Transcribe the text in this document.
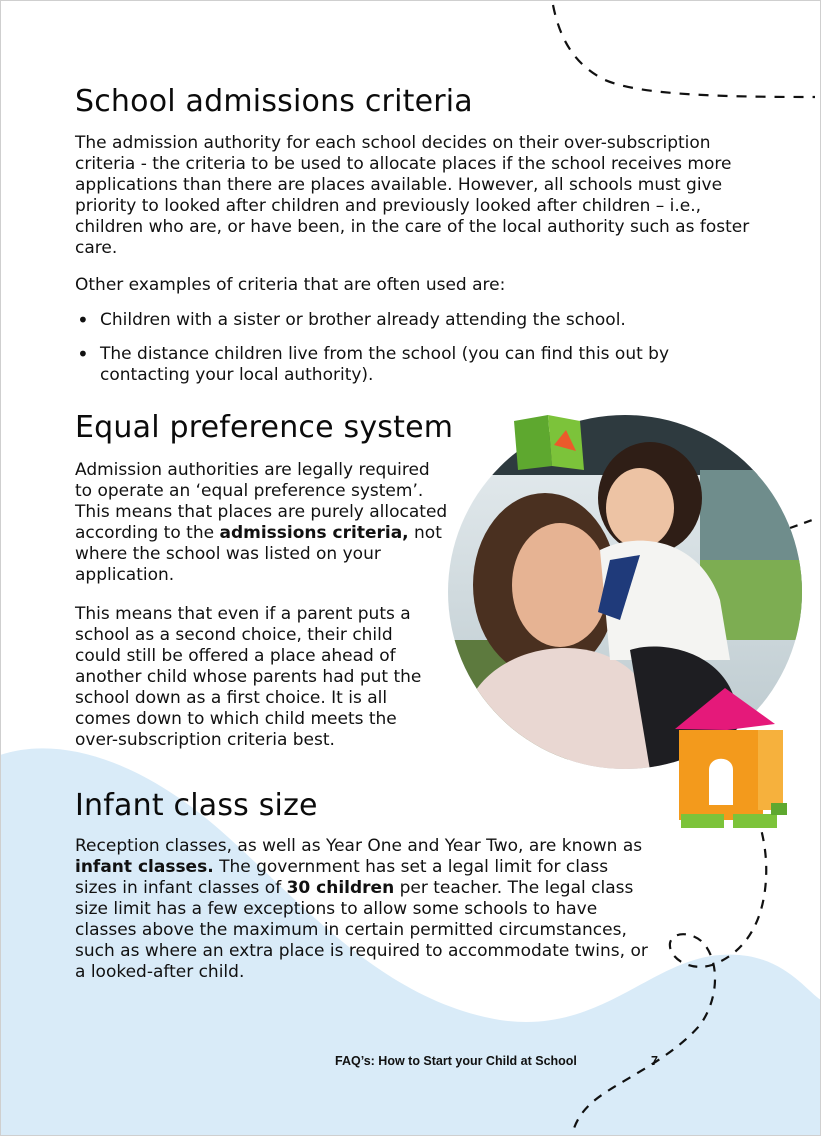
School admissions criteria

The admission authority for each school decides on their over-subscription criteria - the criteria to be used to allocate places if the school receives more applications than there are places available. However, all schools must give priority to looked after children and previously looked after children – i.e., children who are, or have been, in the care of the local authority such as foster care.

Other examples of criteria that are often used are:

• Children with a sister or brother already attending the school.
• The distance children live from the school (you can find this out by contacting your local authority).
Equal preference system

Admission authorities are legally required to operate an ‘equal preference system’. This means that places are purely allocated according to the admissions criteria, not where the school was listed on your application.

This means that even if a parent puts a school as a second choice, their child could still be offered a place ahead of another child whose parents had put the school down as a first choice. It is all comes down to which child meets the over-subscription criteria best.

Infant class size

Reception classes, as well as Year One and Year Two, are known as infant classes. The government has set a legal limit for class sizes in infant classes of 30 children per teacher. The legal class size limit has a few exceptions to allow some schools to have classes above the maximum in certain permitted circumstances, such as where an extra place is required to accommodate twins, or a looked-after child.

FAQ’s: How to Start your Child at School	7
